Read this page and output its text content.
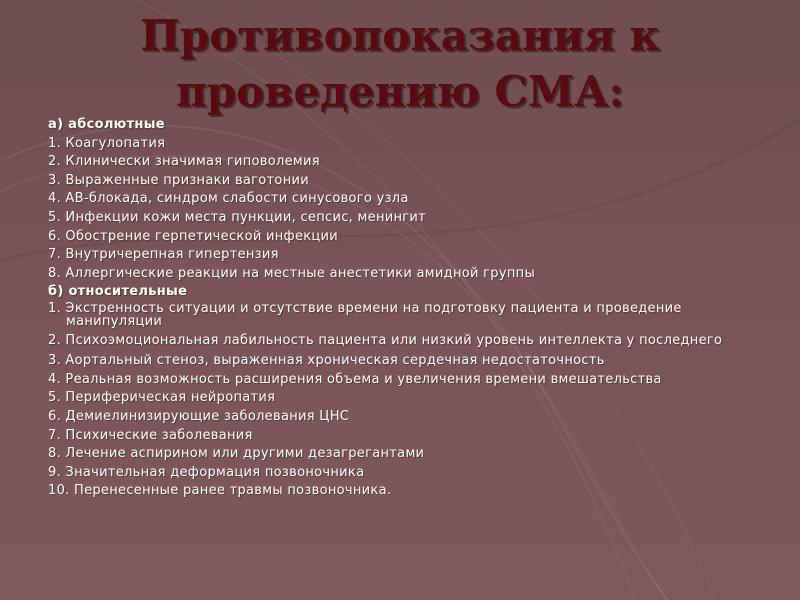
Противопоказания к
проведению СМА:
а) абсолютные
1. Коагулопатия
2. Клинически значимая гиповолемия
3. Выраженные признаки ваготонии
4. АВ-блокада, синдром слабости синусового узла
5. Инфекции кожи места пункции, сепсис, менингит
6. Обострение герпетической инфекции
7. Внутричерепная гипертензия
8. Аллергические реакции на местные анестетики амидной группы
б) относительные
1. Экстренность ситуации и отсутствие времени на подготовку пациента и проведение манипуляции
2. Психоэмоциональная лабильность пациента или низкий уровень интеллекта у последнего
3. Аортальный стеноз, выраженная хроническая сердечная недостаточность
4. Реальная возможность расширения объема и увеличения времени вмешательства
5. Периферическая нейропатия
6. Демиелинизирующие заболевания ЦНС
7. Психические заболевания
8. Лечение аспирином или другими дезагрегантами
9. Значительная деформация позвоночника
10. Перенесенные ранее травмы позвоночника.
